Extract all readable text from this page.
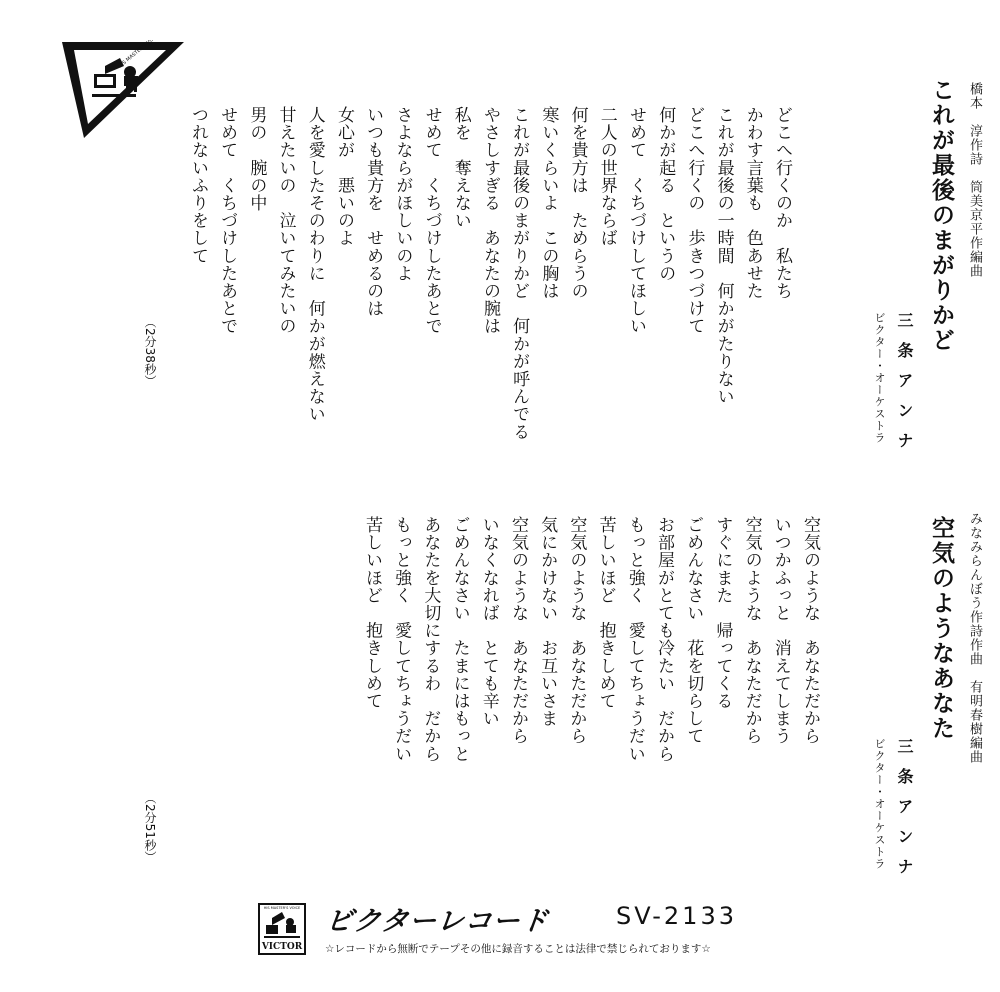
橋本　淳作詩　筒美京平作編曲
これが最後のまがりかど
三条アンナ
ビクター・オーケストラ
どこへ行くのか　私たち
かわす言葉も　色あせた
これが最後の一時間　何かがたりない
どこへ行くの　歩きつづけて
何かが起る　というの
せめて　くちづけしてほしい
二人の世界ならば
何を貴方は　ためらうの
寒いくらいよ　この胸は
これが最後のまがりかど　何かが呼んでる
やさしすぎる　あなたの腕は
私を　奪えない
せめて　くちづけしたあとで
さよならがほしいのよ
いつも貴方を　せめるのは
女心が　悪いのよ
人を愛したそのわりに　何かが燃えない
甘えたいの　泣いてみたいの
男の　腕の中
せめて　くちづけしたあとで
つれないふりをして
（2分38秒）
みなみらんぼう作詩作曲　有明春樹編曲
空気のようなあなた
三条アンナ
ビクター・オーケストラ
空気のような　あなただから
いつかふっと　消えてしまう
空気のような　あなただから
すぐにまた　帰ってくる
ごめんなさい　花を切らして
お部屋がとても冷たい　だから
もっと強く　愛してちょうだい
苦しいほど　抱きしめて
空気のような　あなただから
気にかけない　お互いさま
空気のような　あなただから
いなくなれば　とても辛い
ごめんなさい　たまにはもっと
あなたを大切にするわ　だから
もっと強く　愛してちょうだい
苦しいほど　抱きしめて
（2分51秒）
HIS MASTER'S VOICE
VICTOR
ビクターレコード	SV-2133
☆レコードから無断でテープその他に録音することは法律で禁じられております☆
